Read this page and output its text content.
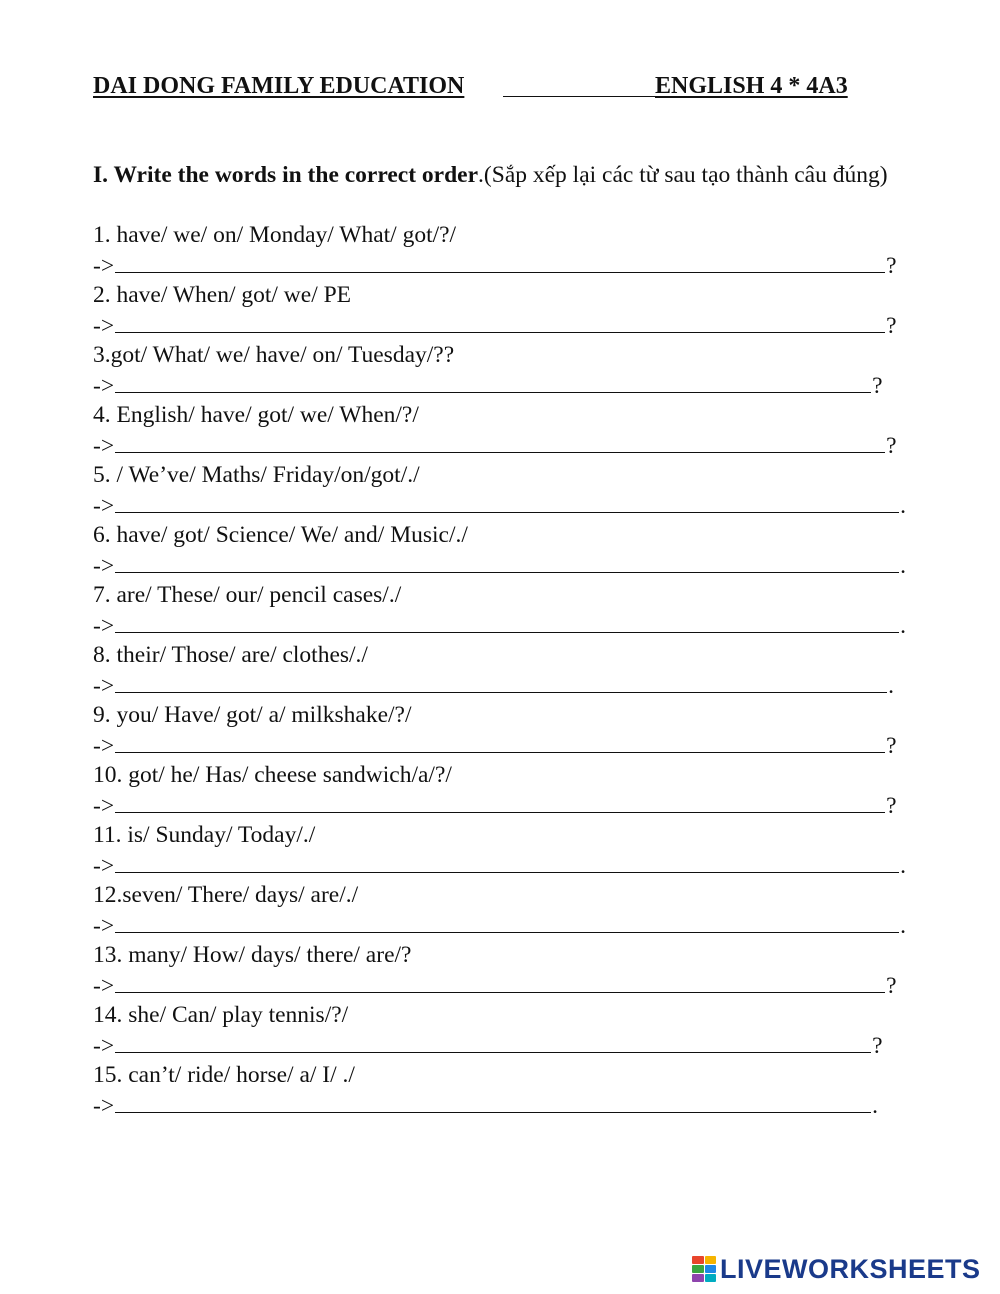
DAI DONG FAMILY EDUCATION	ENGLISH 4 * 4A3
I. Write the words in the correct order.(Sắp xếp lại các từ sau tạo thành câu đúng)
1. have/ we/ on/ Monday/ What/ got/?/
->	?
2. have/ When/ got/ we/ PE
->	?
3.got/ What/ we/ have/ on/ Tuesday/??
->	?
4. English/ have/ got/ we/ When/?/
->	?
5. / We’ve/ Maths/ Friday/on/got/./
->	.
6. have/ got/ Science/ We/ and/ Music/./
->	.
7. are/ These/ our/ pencil cases/./
->	.
8. their/ Those/ are/ clothes/./
->	.
9. you/ Have/ got/ a/ milkshake/?/
->	?
10. got/ he/ Has/ cheese sandwich/a/?/
->	?
11. is/ Sunday/ Today/./
->	.
12.seven/ There/ days/ are/./
->	.
13. many/ How/ days/ there/ are/?
->	?
14. she/ Can/ play tennis/?/
->	?
15. can’t/ ride/ horse/ a/ I/ ./
->	.
LIVEWORKSHEETS
